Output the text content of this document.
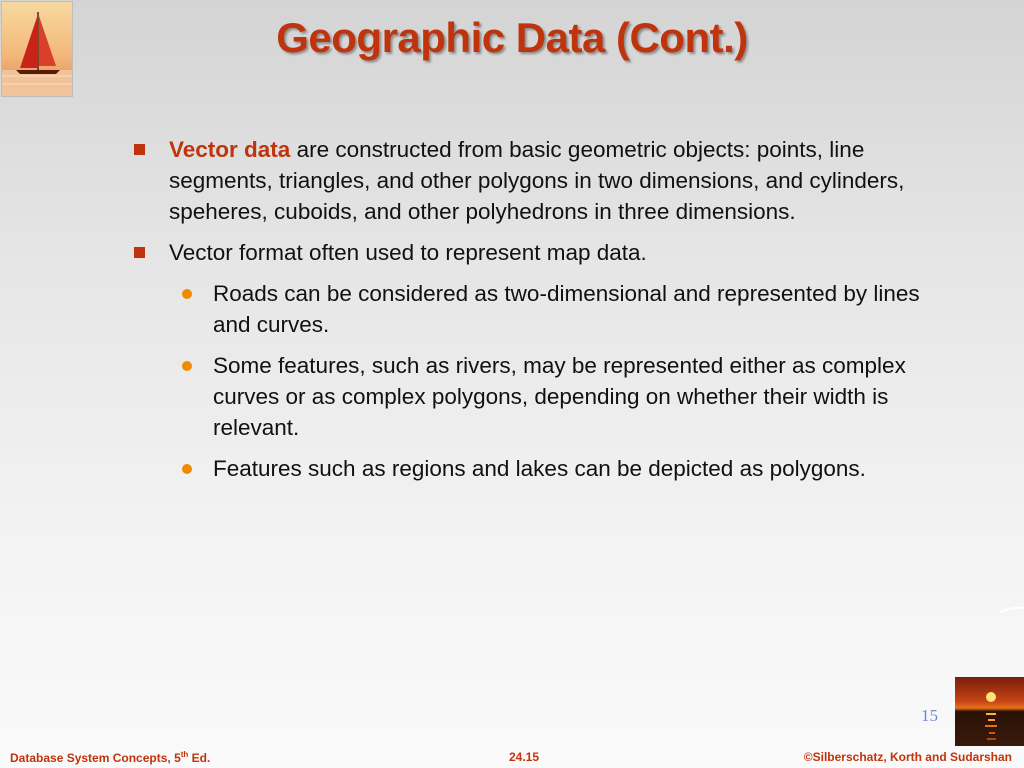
Geographic Data (Cont.)
Vector data are constructed from basic geometric objects: points, line segments, triangles, and other polygons in two dimensions, and cylinders, speheres, cuboids, and other polyhedrons in three dimensions.
Vector format often used to represent map data.
Roads can be considered as two-dimensional and represented by lines and curves.
Some features, such as rivers, may be represented either as complex curves or as complex polygons, depending on whether their width is relevant.
Features such as regions and lakes can be depicted as polygons.
15
Database System Concepts, 5th Ed.	24.15	©Silberschatz, Korth and Sudarshan
